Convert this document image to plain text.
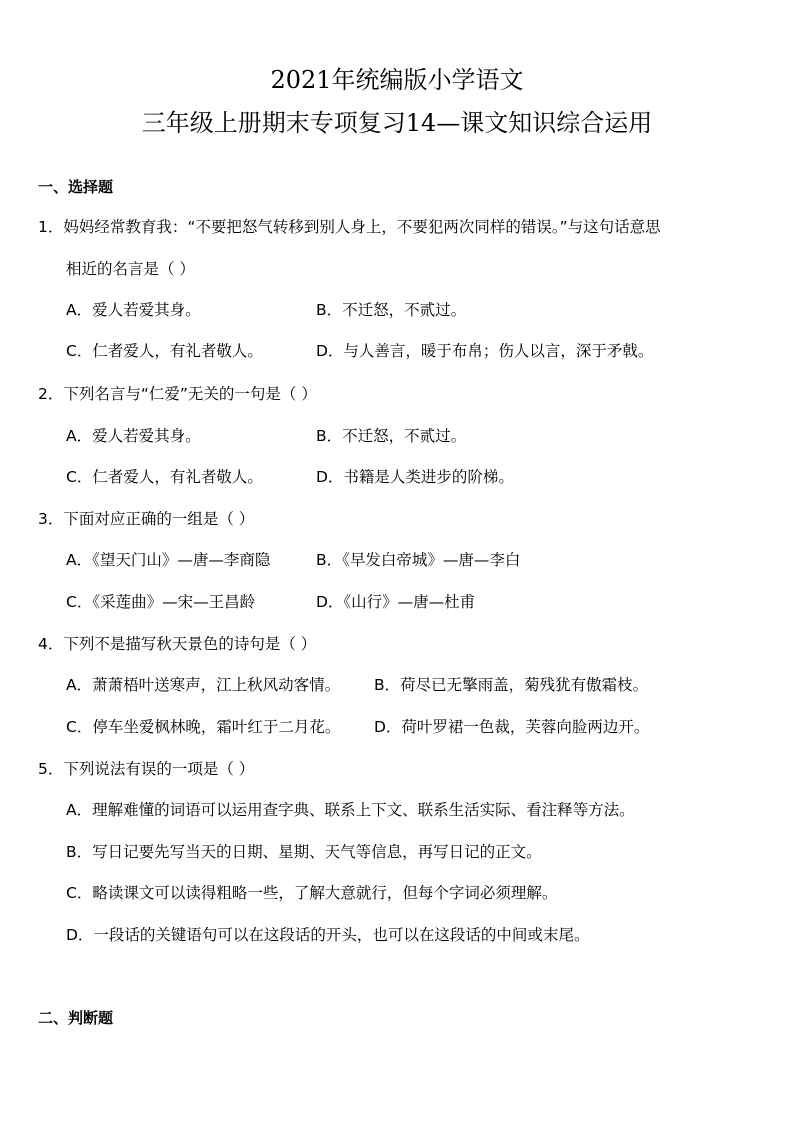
2021年统编版小学语文
三年级上册期末专项复习14—课文知识综合运用
一、选择题
1．妈妈经常教育我：“不要把怒气转移到别人身上，不要犯两次同样的错误。”与这句话意思
相近的名言是（ ）
A．爱人若爱其身。	B．不迁怒，不贰过。
C．仁者爱人，有礼者敬人。	D．与人善言，暖于布帛；伤人以言，深于矛戟。
2．下列名言与“仁爱”无关的一句是（ ）
A．爱人若爱其身。	B．不迁怒，不贰过。
C．仁者爱人，有礼者敬人。	D．书籍是人类进步的阶梯。
3．下面对应正确的一组是（ ）
A．《望天门山》—唐—李商隐	B．《早发白帝城》—唐—李白
C．《采莲曲》—宋—王昌龄	D．《山行》—唐—杜甫
4．下列不是描写秋天景色的诗句是（ ）
A．萧萧梧叶送寒声，江上秋风动客情。 B．荷尽已无擎雨盖，菊残犹有傲霜枝。
C．停车坐爱枫林晚，霜叶红于二月花。 D．荷叶罗裙一色裁，芙蓉向脸两边开。
5．下列说法有误的一项是（ ）
A．理解难懂的词语可以运用查字典、联系上下文、联系生活实际、看注释等方法。
B．写日记要先写当天的日期、星期、天气等信息，再写日记的正文。
C．略读课文可以读得粗略一些，了解大意就行，但每个字词必须理解。
D．一段话的关键语句可以在这段话的开头，也可以在这段话的中间或末尾。
二、判断题
